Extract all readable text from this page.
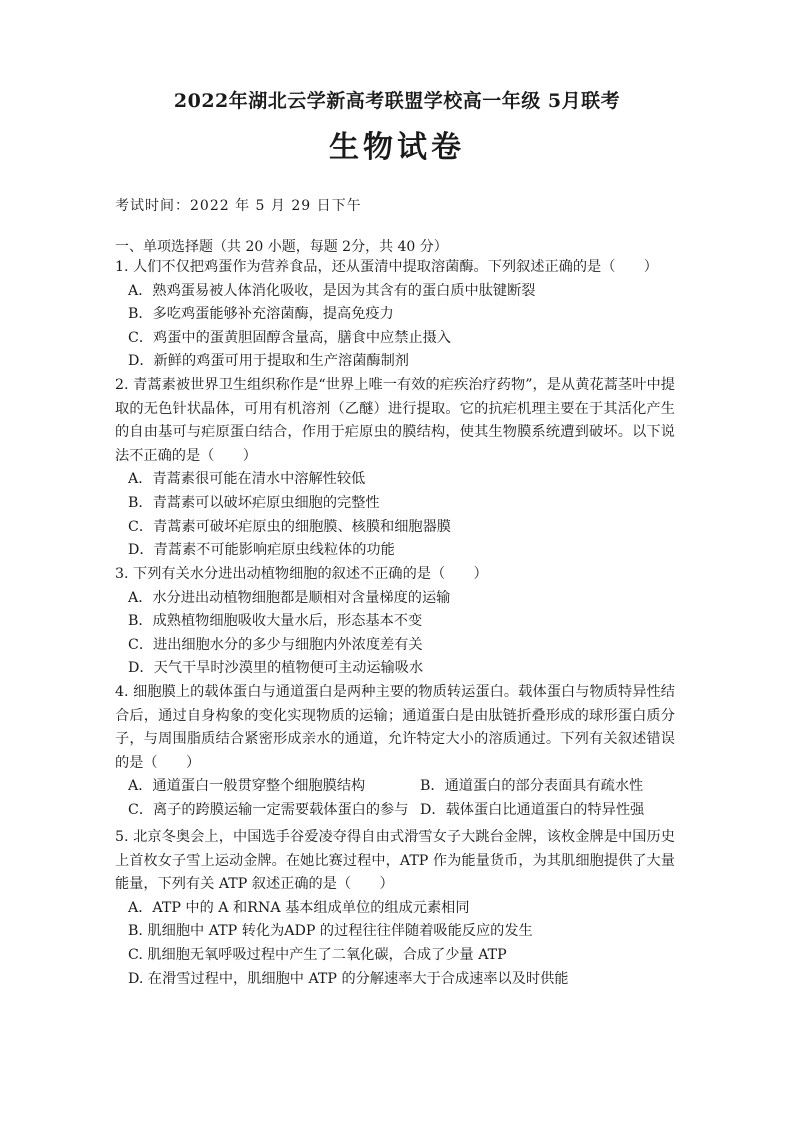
2022年湖北云学新高考联盟学校高一年级 5月联考
生物试卷
考试时间：2022 年 5 月 29 日下午
一、单项选择题（共 20 小题，每题 2分，共 40 分）
1. 人们不仅把鸡蛋作为营养食品，还从蛋清中提取溶菌酶。下列叙述正确的是（　　）
A．熟鸡蛋易被人体消化吸收，是因为其含有的蛋白质中肽键断裂
B．多吃鸡蛋能够补充溶菌酶，提高免疫力
C．鸡蛋中的蛋黄胆固醇含量高，膳食中应禁止摄入
D．新鲜的鸡蛋可用于提取和生产溶菌酶制剂
2. 青蒿素被世界卫生组织称作是“世界上唯一有效的疟疾治疗药物”，是从黄花蒿茎叶中提取的无色针状晶体，可用有机溶剂（乙醚）进行提取。它的抗疟机理主要在于其活化产生的自由基可与疟原蛋白结合，作用于疟原虫的膜结构，使其生物膜系统遭到破坏。以下说法不正确的是（　　）
A．青蒿素很可能在清水中溶解性较低
B．青蒿素可以破坏疟原虫细胞的完整性
C．青蒿素可破坏疟原虫的细胞膜、核膜和细胞器膜
D．青蒿素不可能影响疟原虫线粒体的功能
3. 下列有关水分进出动植物细胞的叙述不正确的是（　　）
A．水分进出动植物细胞都是顺相对含量梯度的运输
B．成熟植物细胞吸收大量水后，形态基本不变
C．进出细胞水分的多少与细胞内外浓度差有关
D．天气干旱时沙漠里的植物便可主动运输吸水
4. 细胞膜上的载体蛋白与通道蛋白是两种主要的物质转运蛋白。载体蛋白与物质特异性结合后，通过自身构象的变化实现物质的运输；通道蛋白是由肽链折叠形成的球形蛋白质分子，与周围脂质结合紧密形成亲水的通道，允许特定大小的溶质通过。下列有关叙述错误的是（　　）
A．通道蛋白一般贯穿整个细胞膜结构	B．通道蛋白的部分表面具有疏水性
C．离子的跨膜运输一定需要载体蛋白的参与 D．载体蛋白比通道蛋白的特异性强
5. 北京冬奥会上，中国选手谷爱凌夺得自由式滑雪女子大跳台金牌，该枚金牌是中国历史上首枚女子雪上运动金牌。在她比赛过程中，ATP 作为能量货币，为其肌细胞提供了大量能量，下列有关 ATP 叙述正确的是（　　）
A．ATP 中的 A 和RNA 基本组成单位的组成元素相同
B. 肌细胞中 ATP 转化为ADP 的过程往往伴随着吸能反应的发生
C. 肌细胞无氧呼吸过程中产生了二氧化碳，合成了少量 ATP
D. 在滑雪过程中，肌细胞中 ATP 的分解速率大于合成速率以及时供能
